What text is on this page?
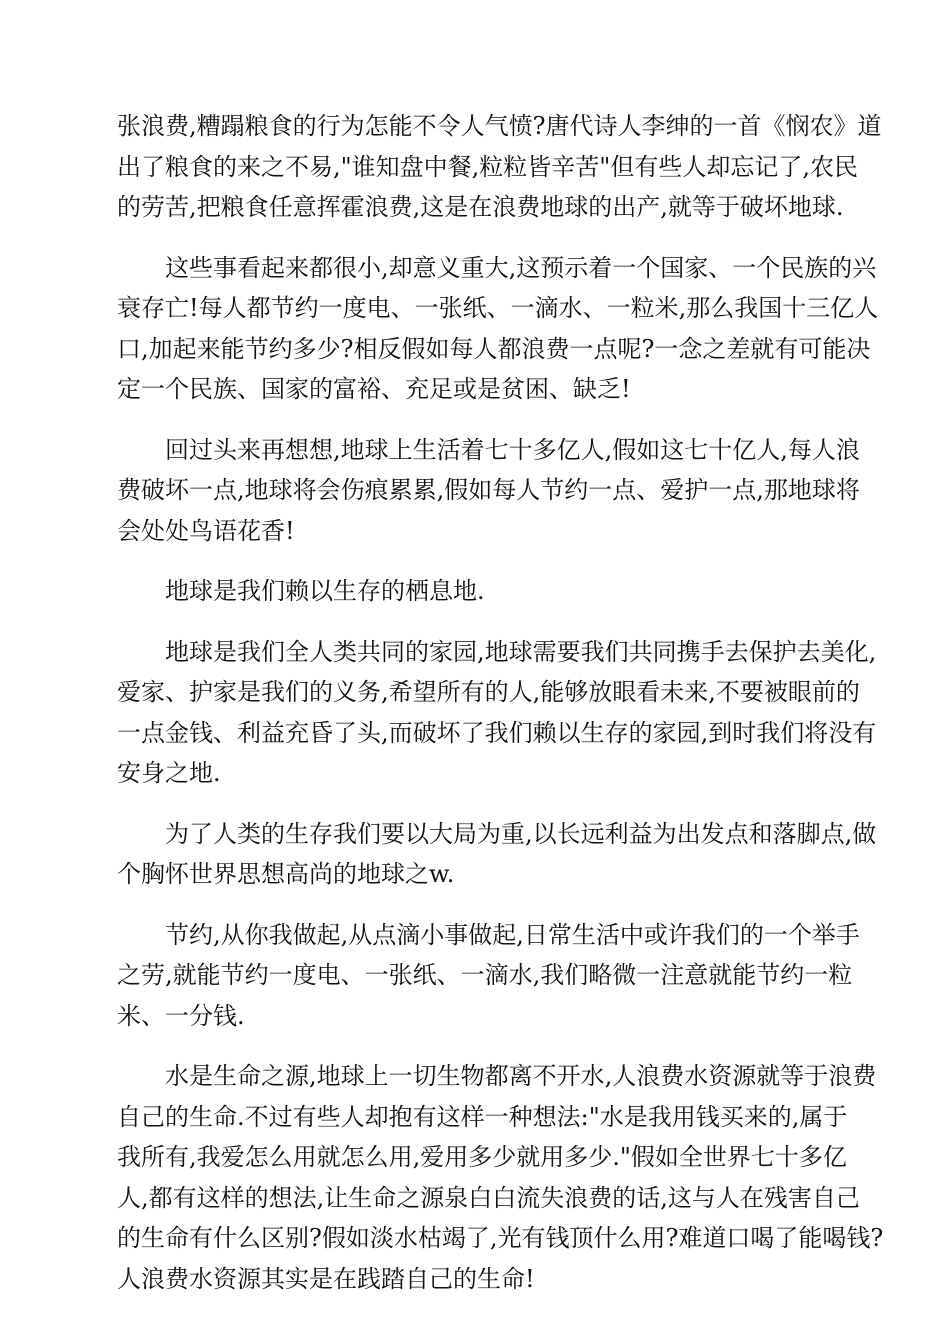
张浪费,糟蹋粮食的行为怎能不令人气愤?唐代诗人李绅的一首《悯农》道
出了粮食的来之不易,"谁知盘中餐,粒粒皆辛苦"但有些人却忘记了,农民
的劳苦,把粮食任意挥霍浪费,这是在浪费地球的出产,就等于破坏地球.

这些事看起来都很小,却意义重大,这预示着一个国家、一个民族的兴
衰存亡!每人都节约一度电、一张纸、一滴水、一粒米,那么我国十三亿人
口,加起来能节约多少?相反假如每人都浪费一点呢?一念之差就有可能决
定一个民族、国家的富裕、充足或是贫困、缺乏!

回过头来再想想,地球上生活着七十多亿人,假如这七十亿人,每人浪
费破坏一点,地球将会伤痕累累,假如每人节约一点、爱护一点,那地球将
会处处鸟语花香!

地球是我们赖以生存的栖息地.

地球是我们全人类共同的家园,地球需要我们共同携手去保护去美化,
爱家、护家是我们的义务,希望所有的人,能够放眼看未来,不要被眼前的
一点金钱、利益充昏了头,而破坏了我们赖以生存的家园,到时我们将没有
安身之地.

为了人类的生存我们要以大局为重,以长远利益为出发点和落脚点,做
个胸怀世界思想高尚的地球之w.

节约,从你我做起,从点滴小事做起,日常生活中或许我们的一个举手
之劳,就能节约一度电、一张纸、一滴水,我们略微一注意就能节约一粒
米、一分钱.

水是生命之源,地球上一切生物都离不开水,人浪费水资源就等于浪费
自己的生命.不过有些人却抱有这样一种想法:"水是我用钱买来的,属于
我所有,我爱怎么用就怎么用,爱用多少就用多少."假如全世界七十多亿
人,都有这样的想法,让生命之源泉白白流失浪费的话,这与人在残害自己
的生命有什么区别?假如淡水枯竭了,光有钱顶什么用?难道口喝了能喝钱?
人浪费水资源其实是在践踏自己的生命!
